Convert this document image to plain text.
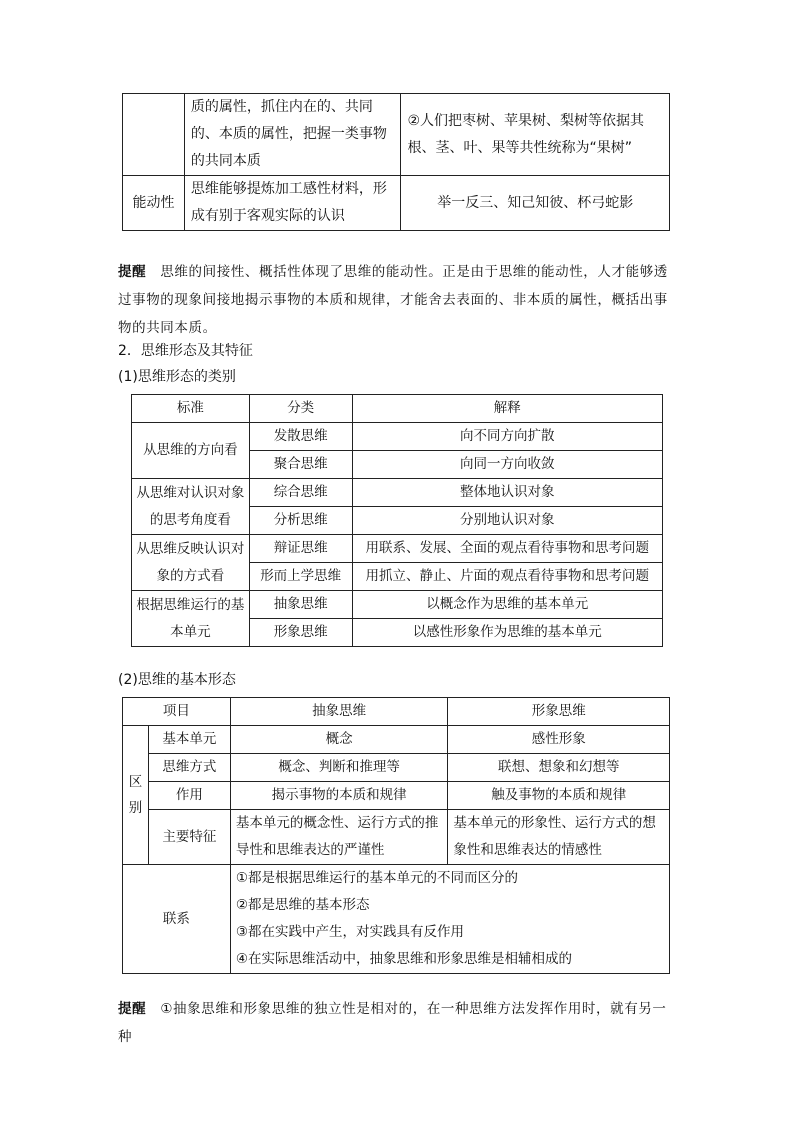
	质的属性，抓住内在的、共同的、本质的属性，把握一类事物的共同本质	②人们把枣树、苹果树、梨树等依据其根、茎、叶、果等共性统称为“果树”
能动性	思维能够提炼加工感性材料，形成有别于客观实际的认识	举一反三、知己知彼、杯弓蛇影
提醒　 思维的间接性、概括性体现了思维的能动性。正是由于思维的能动性，人才能够透过事物的现象间接地揭示事物的本质和规律，才能舍去表面的、非本质的属性，概括出事物的共同本质。
2．思维形态及其特征
(1)思维形态的类别
标准	分类	解释
从思维的方向看	发散思维	向不同方向扩散
	聚合思维	向同一方向收敛
从思维对认识对象的思考角度看	综合思维	整体地认识对象
	分析思维	分别地认识对象
从思维反映认识对象的方式看	辩证思维	用联系、发展、全面的观点看待事物和思考问题
	形而上学思维	用抓立、静止、片面的观点看待事物和思考问题
根据思维运行的基本单元	抽象思维	以概念作为思维的基本单元
	形象思维	以感性形象作为思维的基本单元
(2)思维的基本形态
项目		抽象思维	形象思维
区别	基本单元	概念	感性形象
	思维方式	概念、判断和推理等	联想、想象和幻想等
	作用	揭示事物的本质和规律	触及事物的本质和规律
	主要特征	基本单元的概念性、运行方式的推导性和思维表达的严谨性	基本单元的形象性、运行方式的想象性和思维表达的情感性
联系		①都是根据思维运行的基本单元的不同而区分的
②都是思维的基本形态
③都在实践中产生，对实践具有反作用
④在实际思维活动中，抽象思维和形象思维是相辅相成的	
提醒　 ①抽象思维和形象思维的独立性是相对的，在一种思维方法发挥作用时，就有另一种
